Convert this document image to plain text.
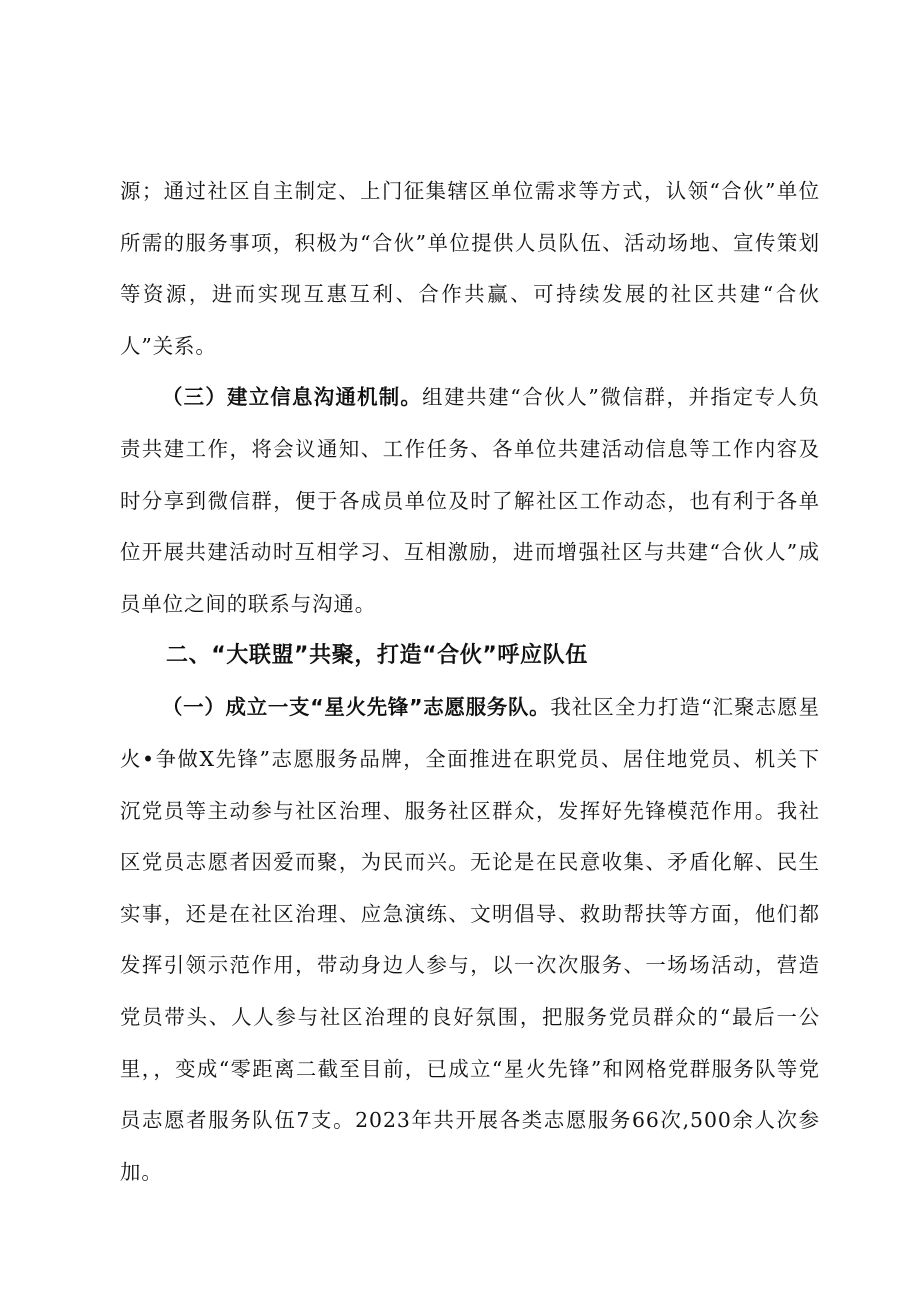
源；通过社区自主制定、上门征集辖区单位需求等方式，认领“合伙”单位所需的服务事项，积极为“合伙”单位提供人员队伍、活动场地、宣传策划等资源，进而实现互惠互利、合作共赢、可持续发展的社区共建“合伙人”关系。

（三）建立信息沟通机制。组建共建“合伙人”微信群，并指定专人负责共建工作，将会议通知、工作任务、各单位共建活动信息等工作内容及时分享到微信群，便于各成员单位及时了解社区工作动态，也有利于各单位开展共建活动时互相学习、互相激励，进而增强社区与共建“合伙人”成员单位之间的联系与沟通。

二、“大联盟”共聚，打造“合伙”呼应队伍

（一）成立一支“星火先锋”志愿服务队。我社区全力打造“汇聚志愿星火•争做X先锋”志愿服务品牌，全面推进在职党员、居住地党员、机关下沉党员等主动参与社区治理、服务社区群众，发挥好先锋模范作用。我社区党员志愿者因爱而聚，为民而兴。无论是在民意收集、矛盾化解、民生实事，还是在社区治理、应急演练、文明倡导、救助帮扶等方面，他们都发挥引领示范作用，带动身边人参与，以一次次服务、一场场活动，营造党员带头、人人参与社区治理的良好氛围，把服务党员群众的“最后一公里，，变成“零距离二截至目前，已成立“星火先锋”和网格党群服务队等党员志愿者服务队伍7支。2023年共开展各类志愿服务66次,500余人次参加。
